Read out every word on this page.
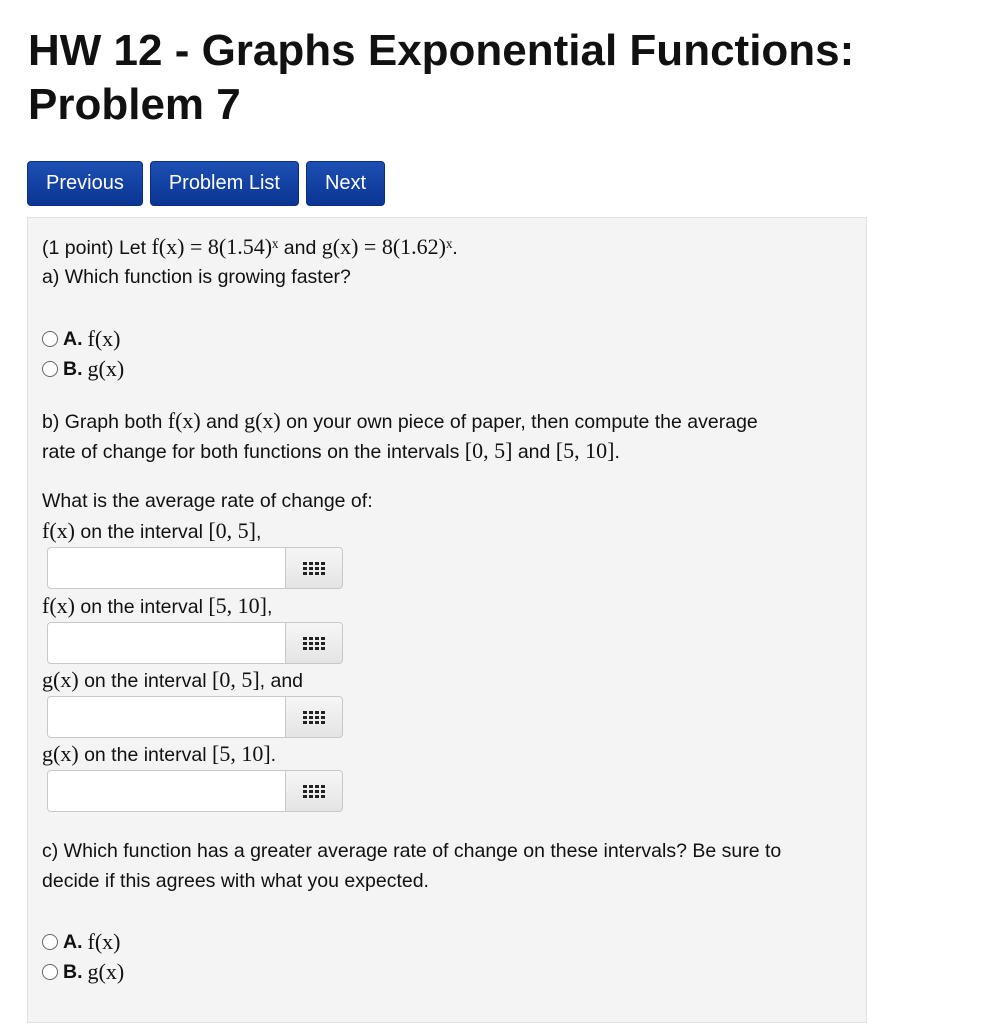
HW 12 - Graphs Exponential Functions: Problem 7
Previous	Problem List	Next
(1 point) Let f(x) = 8(1.54)ˣ and g(x) = 8(1.62)ˣ.
a) Which function is growing faster?
A. f(x)
B. g(x)
b) Graph both f(x) and g(x) on your own piece of paper, then compute the average
rate of change for both functions on the intervals [0, 5] and [5, 10].
What is the average rate of change of:
f(x) on the interval [0, 5],
f(x) on the interval [5, 10],
g(x) on the interval [0, 5], and
g(x) on the interval [5, 10].
c) Which function has a greater average rate of change on these intervals? Be sure to
decide if this agrees with what you expected.
A. f(x)
B. g(x)
